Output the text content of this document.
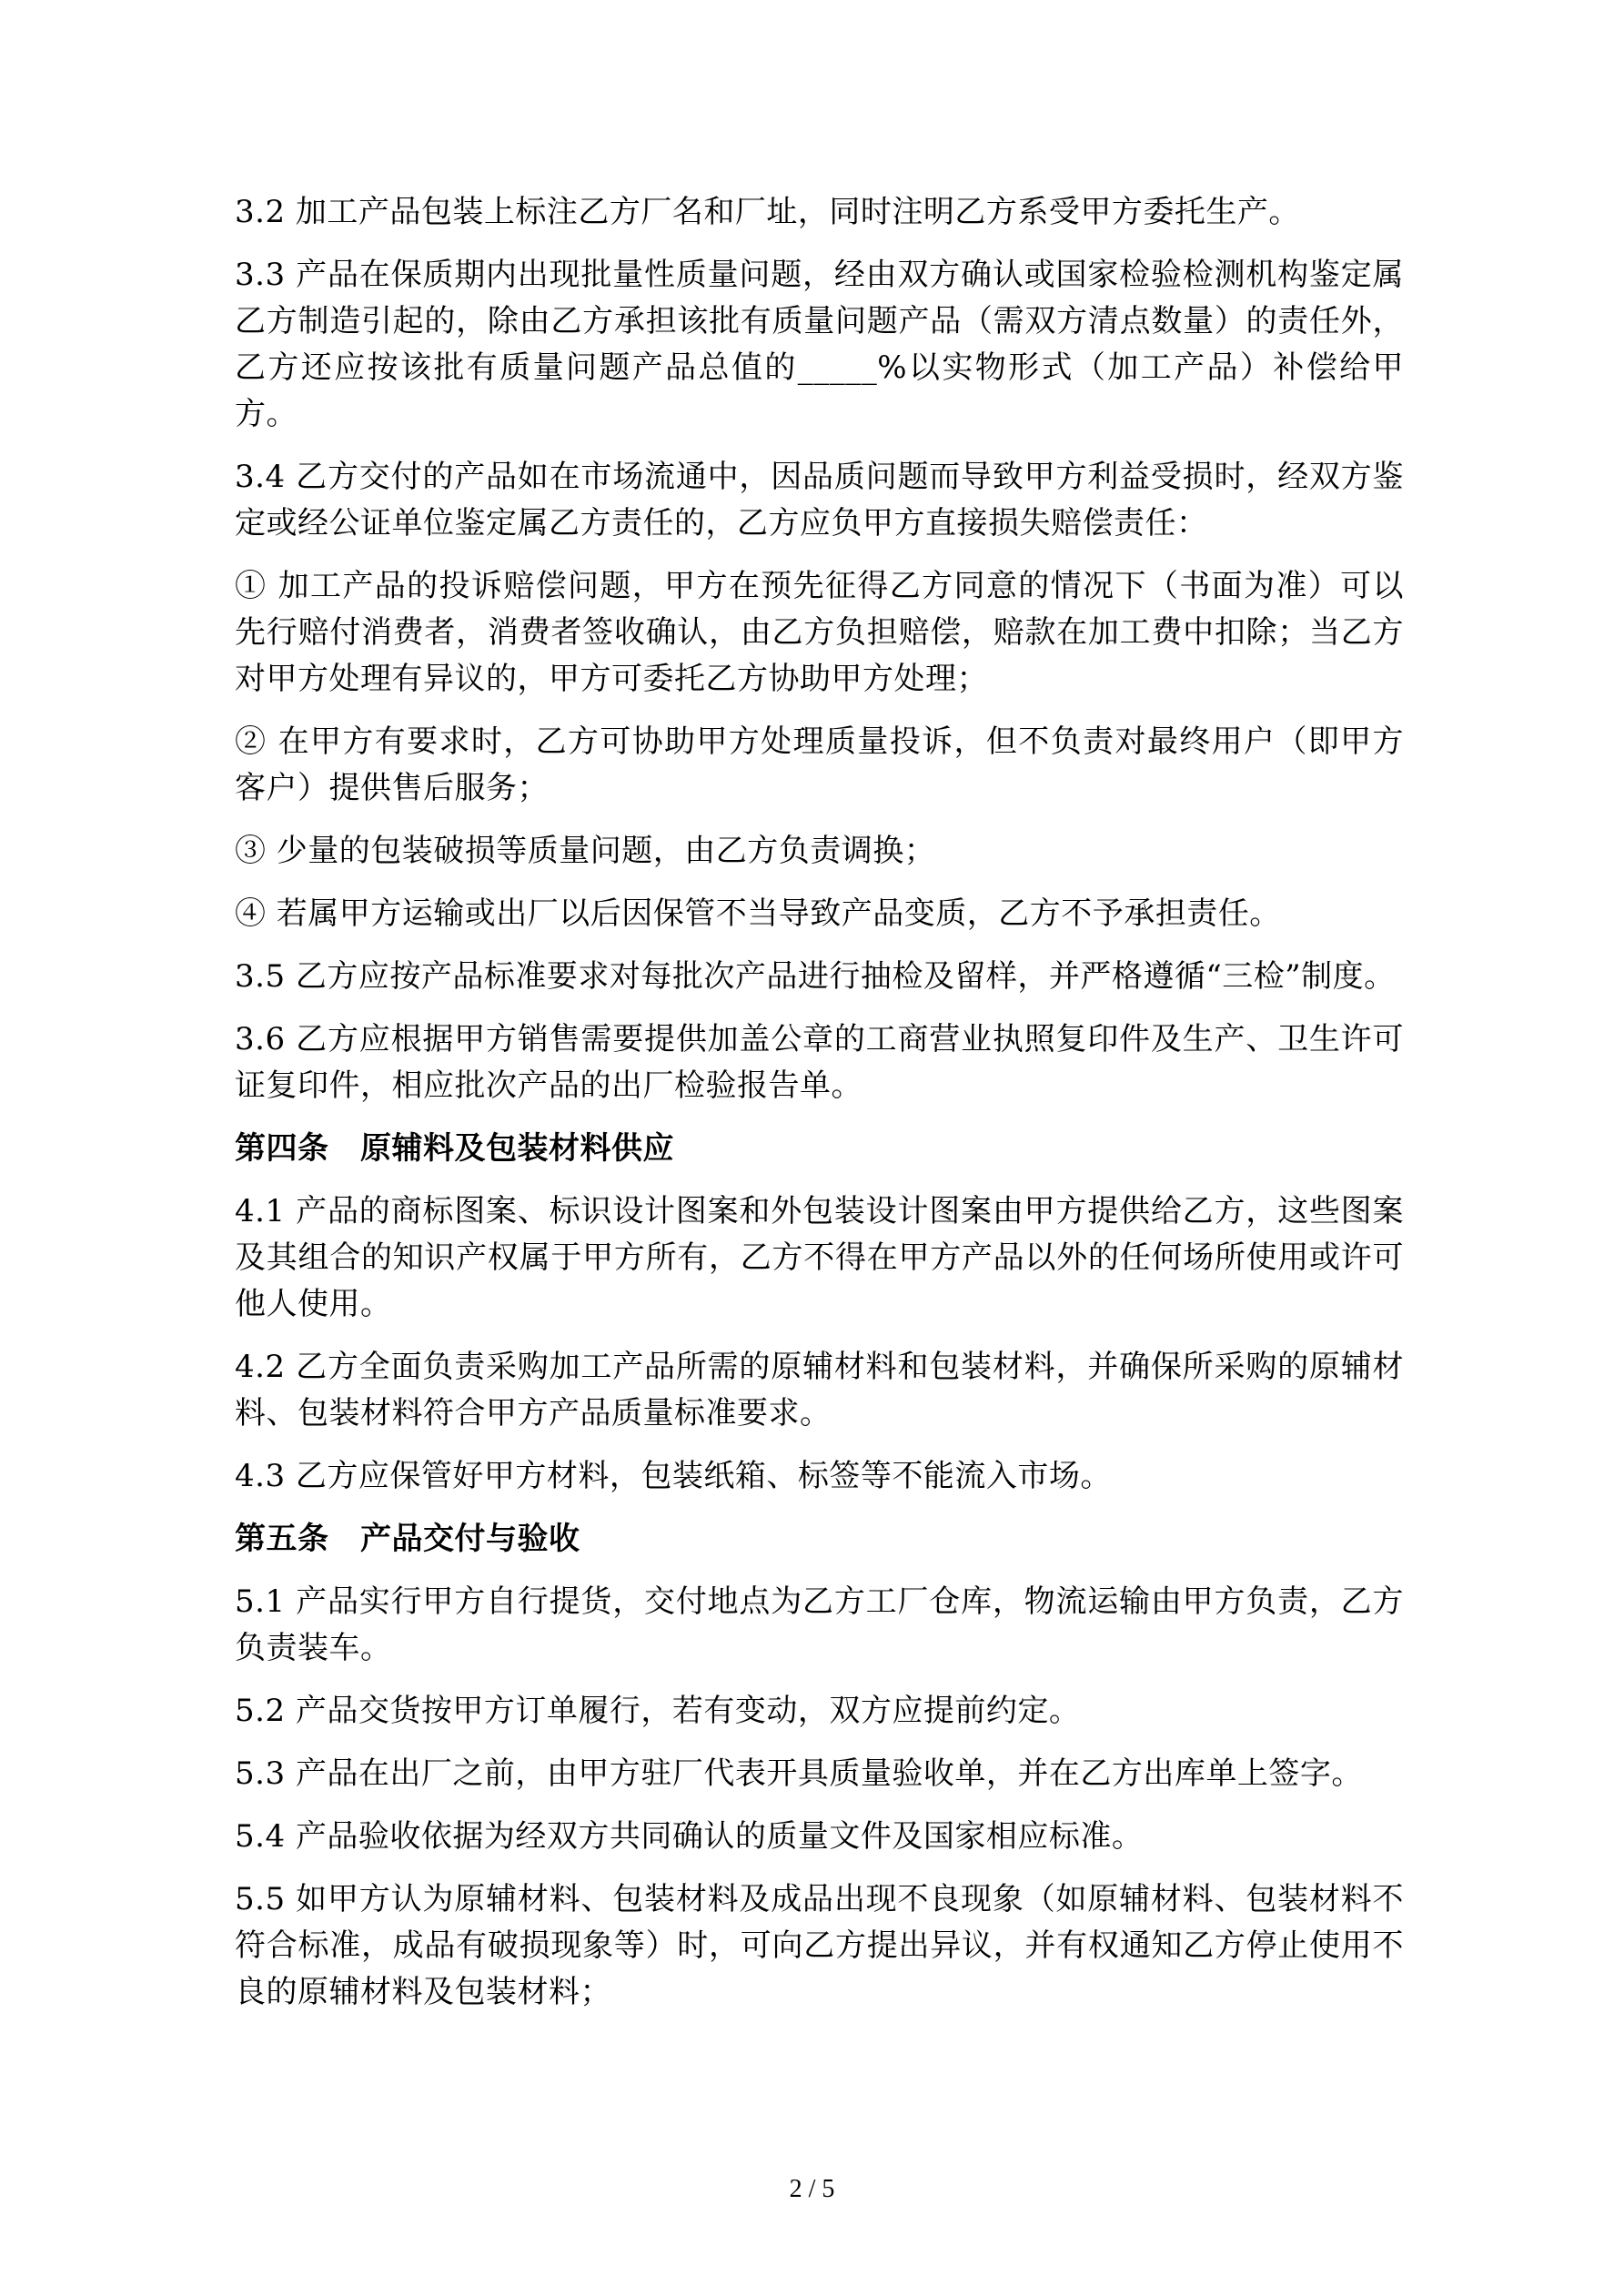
3.2 加工产品包装上标注乙方厂名和厂址，同时注明乙方系受甲方委托生产。

3.3 产品在保质期内出现批量性质量问题，经由双方确认或国家检验检测机构鉴定属乙方制造引起的，除由乙方承担该批有质量问题产品（需双方清点数量）的责任外，乙方还应按该批有质量问题产品总值的_____%以实物形式（加工产品）补偿给甲方。

3.4 乙方交付的产品如在市场流通中，因品质问题而导致甲方利益受损时，经双方鉴定或经公证单位鉴定属乙方责任的，乙方应负甲方直接损失赔偿责任：

① 加工产品的投诉赔偿问题，甲方在预先征得乙方同意的情况下（书面为准）可以先行赔付消费者，消费者签收确认，由乙方负担赔偿，赔款在加工费中扣除；当乙方对甲方处理有异议的，甲方可委托乙方协助甲方处理；

② 在甲方有要求时，乙方可协助甲方处理质量投诉，但不负责对最终用户（即甲方客户）提供售后服务；

③ 少量的包装破损等质量问题，由乙方负责调换；

④ 若属甲方运输或出厂以后因保管不当导致产品变质，乙方不予承担责任。

3.5 乙方应按产品标准要求对每批次产品进行抽检及留样，并严格遵循“三检”制度。

3.6 乙方应根据甲方销售需要提供加盖公章的工商营业执照复印件及生产、卫生许可证复印件，相应批次产品的出厂检验报告单。

第四条　原辅料及包装材料供应

4.1 产品的商标图案、标识设计图案和外包装设计图案由甲方提供给乙方，这些图案及其组合的知识产权属于甲方所有，乙方不得在甲方产品以外的任何场所使用或许可他人使用。

4.2 乙方全面负责采购加工产品所需的原辅材料和包装材料，并确保所采购的原辅材料、包装材料符合甲方产品质量标准要求。

4.3 乙方应保管好甲方材料，包装纸箱、标签等不能流入市场。

第五条　产品交付与验收

5.1 产品实行甲方自行提货，交付地点为乙方工厂仓库，物流运输由甲方负责，乙方负责装车。

5.2 产品交货按甲方订单履行，若有变动，双方应提前约定。

5.3 产品在出厂之前，由甲方驻厂代表开具质量验收单，并在乙方出库单上签字。

5.4 产品验收依据为经双方共同确认的质量文件及国家相应标准。

5.5 如甲方认为原辅材料、包装材料及成品出现不良现象（如原辅材料、包装材料不符合标准，成品有破损现象等）时，可向乙方提出异议，并有权通知乙方停止使用不良的原辅材料及包装材料；

2 / 5
